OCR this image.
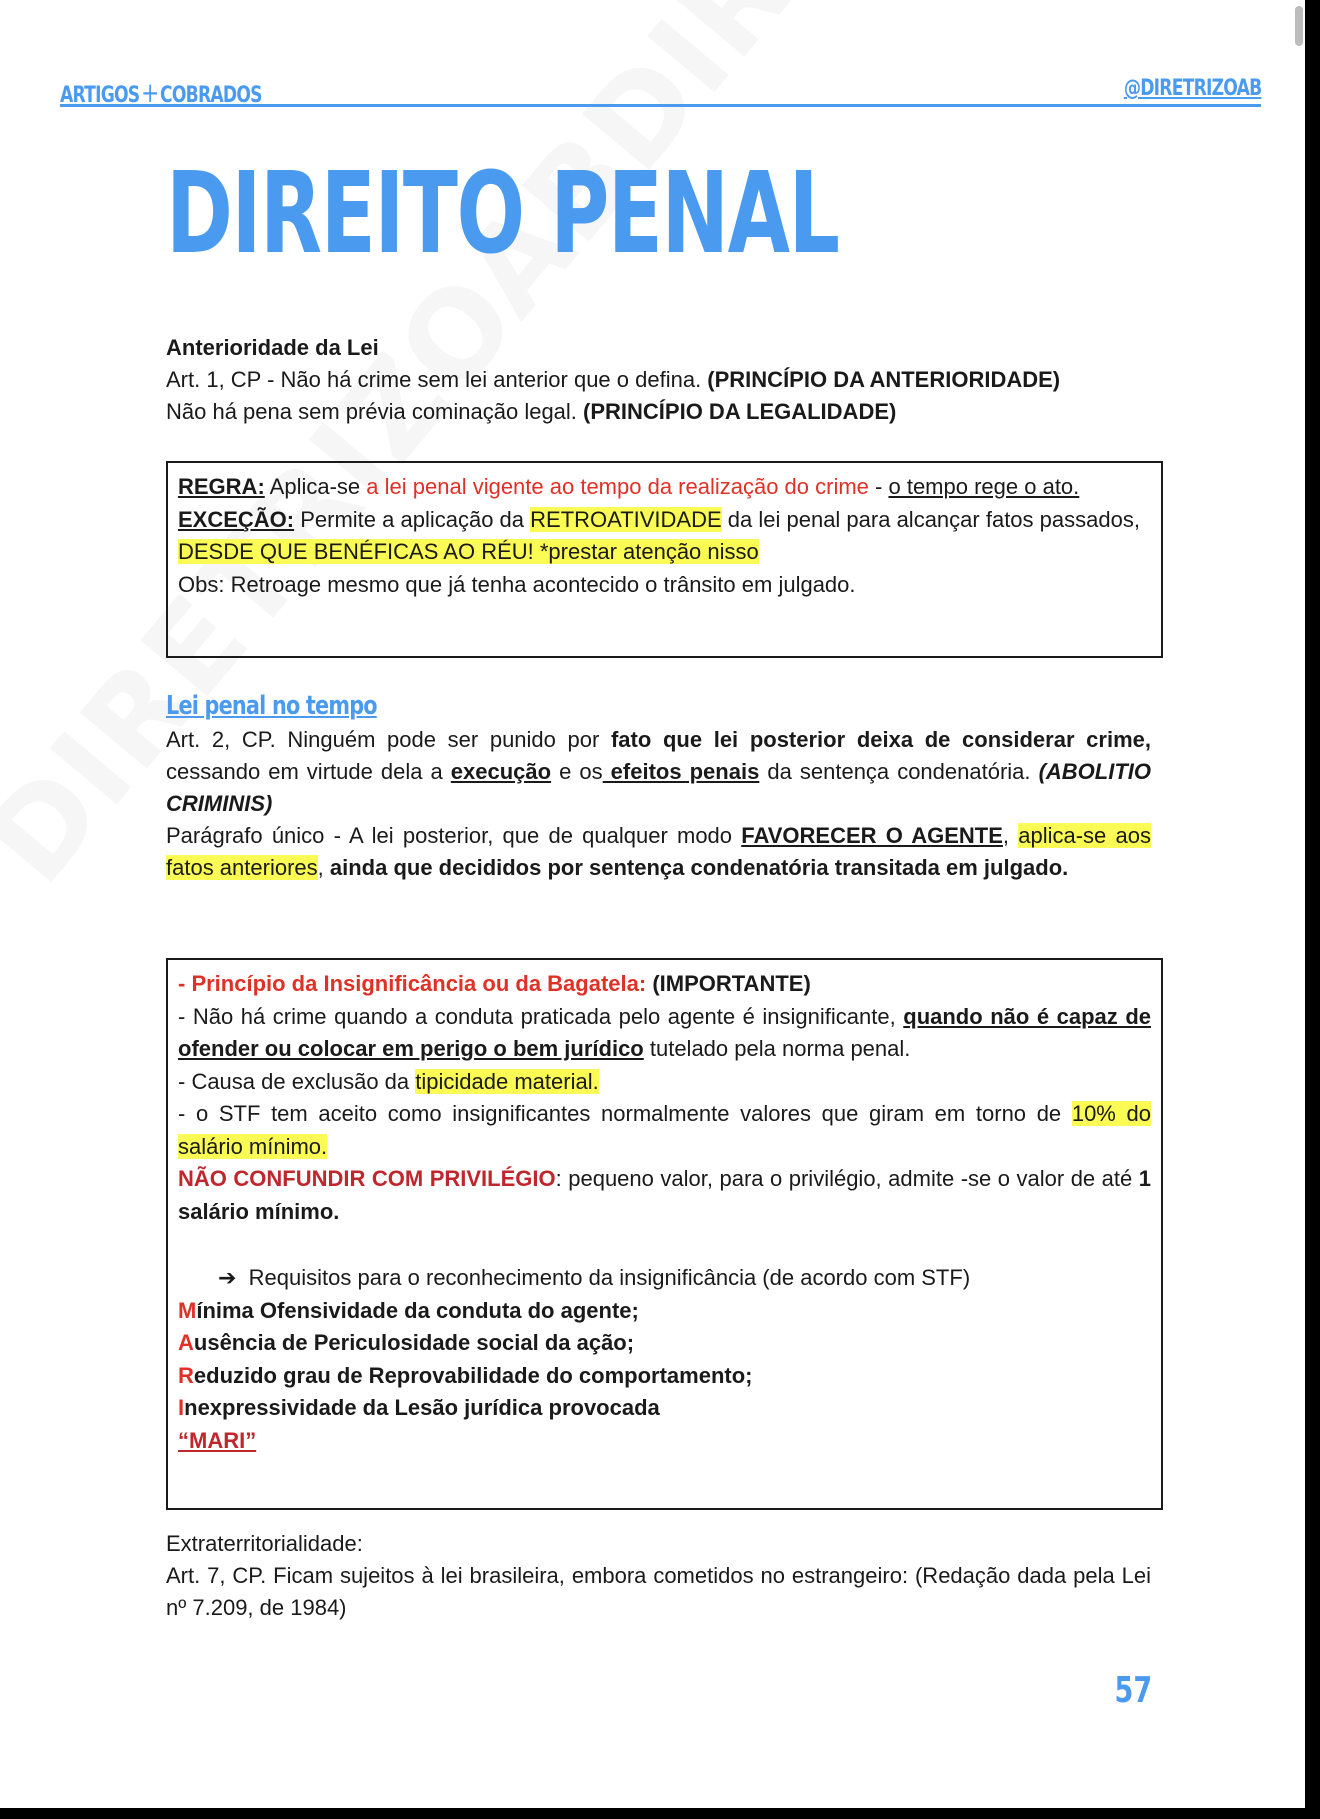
ARTIGOS+COBRADOS	@DIRETRIZOAB
DIREITO PENAL

Anterioridade da Lei

Art. 1, CP - Não há crime sem lei anterior que o defina. (PRINCÍPIO DA ANTERIORIDADE)

Não há pena sem prévia cominação legal. (PRINCÍPIO DA LEGALIDADE)

REGRA: Aplica-se a lei penal vigente ao tempo da realização do crime - o tempo rege o ato.

EXCEÇÃO: Permite a aplicação da RETROATIVIDADE da lei penal para alcançar fatos passados, DESDE QUE BENÉFICAS AO RÉU! *prestar atenção nisso

Obs: Retroage mesmo que já tenha acontecido o trânsito em julgado.

Lei penal no tempo

Art. 2, CP. Ninguém pode ser punido por fato que lei posterior deixa de considerar crime, cessando em virtude dela a execução e os efeitos penais da sentença condenatória. (ABOLITIO CRIMINIS)

Parágrafo único - A lei posterior, que de qualquer modo FAVORECER O AGENTE, aplica-se aos fatos anteriores, ainda que decididos por sentença condenatória transitada em julgado.

- Princípio da Insignificância ou da Bagatela: (IMPORTANTE)

- Não há crime quando a conduta praticada pelo agente é insignificante, quando não é capaz de ofender ou colocar em perigo o bem jurídico tutelado pela norma penal.

- Causa de exclusão da tipicidade material.

- o STF tem aceito como insignificantes normalmente valores que giram em torno de 10% do salário mínimo.

NÃO CONFUNDIR COM PRIVILÉGIO: pequeno valor, para o privilégio, admite -se o valor de até 1 salário mínimo.

➔ Requisitos para o reconhecimento da insignificância (de acordo com STF)

Mínima Ofensividade da conduta do agente;

Ausência de Periculosidade social da ação;

Reduzido grau de Reprovabilidade do comportamento;

Inexpressividade da Lesão jurídica provocada

“MARI”

Extraterritorialidade:

Art. 7, CP. Ficam sujeitos à lei brasileira, embora cometidos no estrangeiro: (Redação dada pela Lei nº 7.209, de 1984)

57
